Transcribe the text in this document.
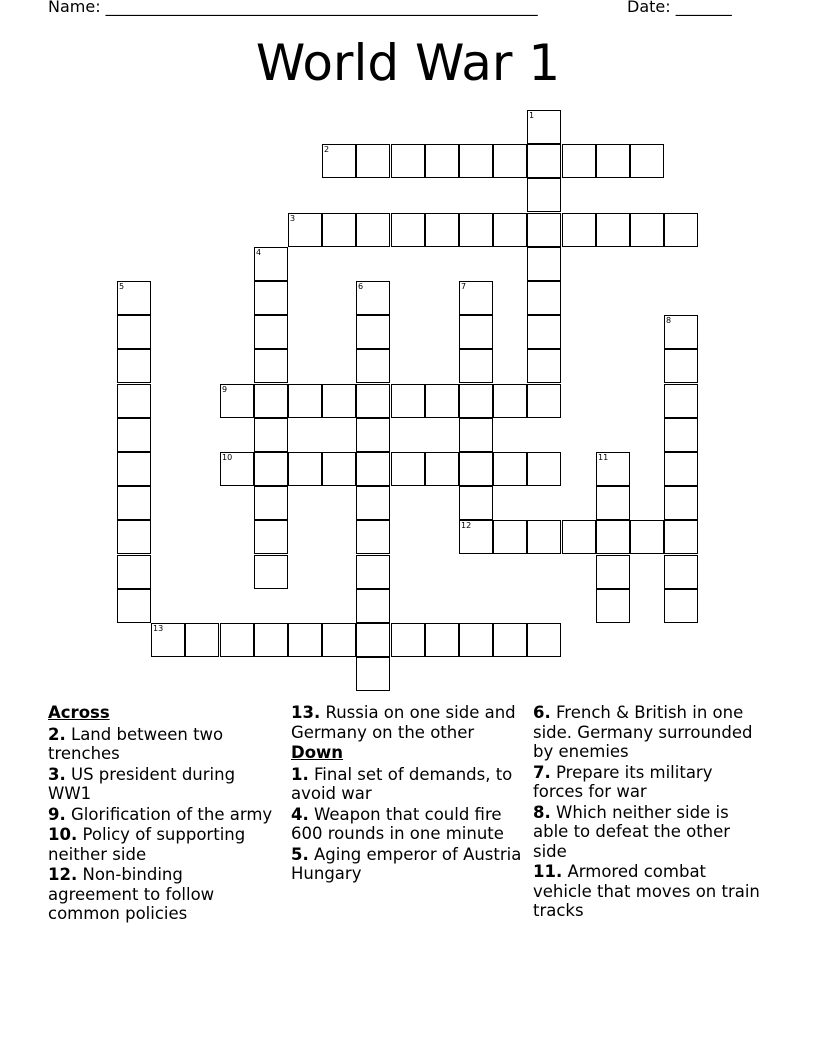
Name: ______________________________________________________	Date: _______
World War 1
1
2
3
4
5	6	7
12
8
9
10	11
13
Across
2. Land between two trenches
3. US president during WW1
9. Glorification of the army
10. Policy of supporting neither side
12. Non-binding agreement to follow common policies
13. Russia on one side and Germany on the other
Down
1. Final set of demands, to avoid war
4. Weapon that could fire 600 rounds in one minute
5. Aging emperor of Austria Hungary
6. French & British in one side. Germany surrounded by enemies
7. Prepare its military forces for war
8. Which neither side is able to defeat the other side
11. Armored combat vehicle that moves on train tracks
